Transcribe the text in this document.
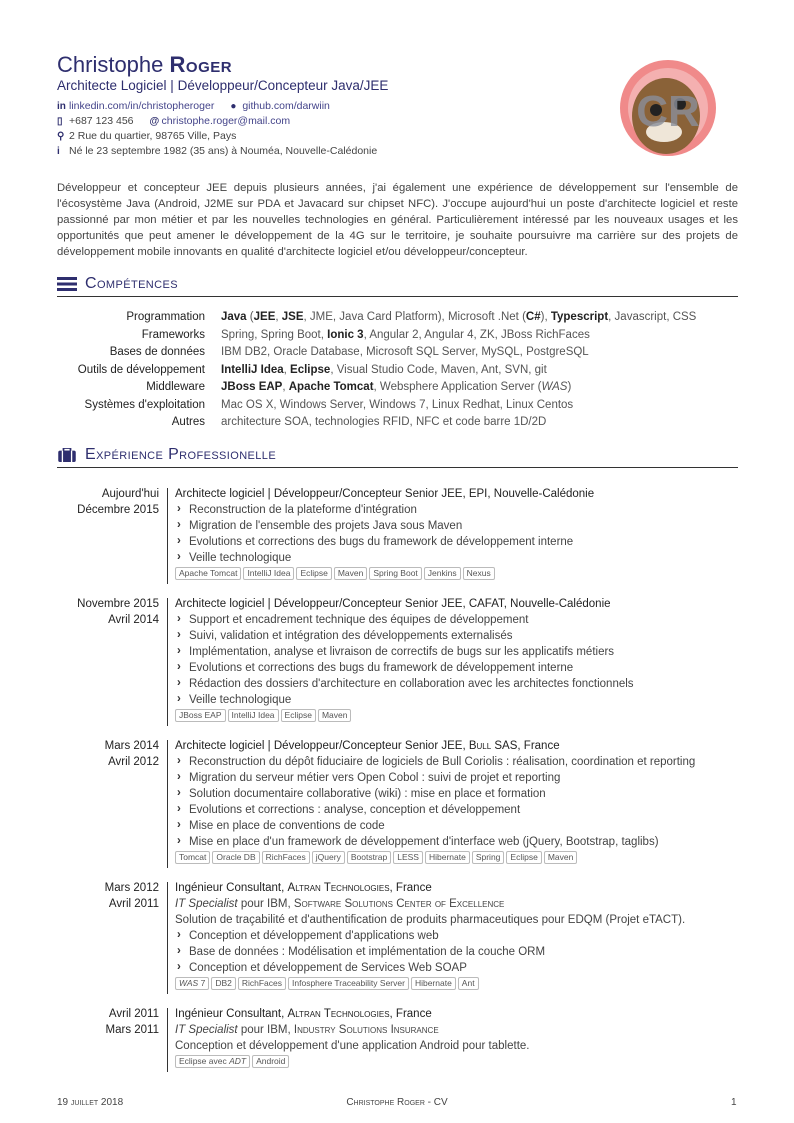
Christophe Roger
Architecte Logiciel | Développeur/Concepteur Java/JEE
in linkedin.com/in/christopheroger ● github.com/darwiin
▯ +687 123 456 @ christophe.roger@mail.com
⚲ 2 Rue du quartier, 98765 Ville, Pays
i Né le 23 septembre 1982 (35 ans) à Nouméa, Nouvelle-Calédonie
CR
Développeur et concepteur JEE depuis plusieurs années, j'ai également une expérience de développement sur l'ensemble de l'écosystème Java (Android, J2ME sur PDA et Javacard sur chipset NFC). J'occupe aujourd'hui un poste d'architecte logiciel et reste passionné par mon métier et par les nouvelles technologies en général. Particulièrement intéressé par les nouveaux usages et les opportunités que peut amener le développement de la 4G sur le territoire, je souhaite poursuivre ma carrière sur des projets de développement mobile innovants en qualité d'architecte logiciel et/ou développeur/concepteur.
Compétences
Programmation Java (JEE, JSE, JME, Java Card Platform), Microsoft .Net (C#), Typescript, Javascript, CSS
Frameworks Spring, Spring Boot, Ionic 3, Angular 2, Angular 4, ZK, JBoss RichFaces
Bases de données IBM DB2, Oracle Database, Microsoft SQL Server, MySQL, PostgreSQL
Outils de développement IntelliJ Idea, Eclipse, Visual Studio Code, Maven, Ant, SVN, git
Middleware JBoss EAP, Apache Tomcat, Websphere Application Server (WAS)
Systèmes d'exploitation Mac OS X, Windows Server, Windows 7, Linux Redhat, Linux Centos
Autres architecture SOA, technologies RFID, NFC et code barre 1D/2D
Expérience Professionelle
Aujourd'hui
Décembre 2015
Architecte logiciel | Développeur/Concepteur Senior JEE, EPI, Nouvelle-Calédonie
› Reconstruction de la plateforme d'intégration
› Migration de l'ensemble des projets Java sous Maven
› Evolutions et corrections des bugs du framework de développement interne
› Veille technologique
Apache Tomcat	IntelliJ Idea	Eclipse	Maven	Spring Boot	Jenkins	Nexus
Novembre 2015
Avril 2014
Architecte logiciel | Développeur/Concepteur Senior JEE, CAFAT, Nouvelle-Calédonie
› Support et encadrement technique des équipes de développement
› Suivi, validation et intégration des développements externalisés
› Implémentation, analyse et livraison de correctifs de bugs sur les applicatifs métiers
› Evolutions et corrections des bugs du framework de développement interne
› Rédaction des dossiers d'architecture en collaboration avec les architectes fonctionnels
› Veille technologique
JBoss EAP	IntelliJ Idea	Eclipse	Maven
Mars 2014
Avril 2012
Architecte logiciel | Développeur/Concepteur Senior JEE, Bull SAS, France
› Reconstruction du dépôt fiduciaire de logiciels de Bull Coriolis : réalisation, coordination et reporting
› Migration du serveur métier vers Open Cobol : suivi de projet et reporting
› Solution documentaire collaborative (wiki) : mise en place et formation
› Evolutions et corrections : analyse, conception et développement
› Mise en place de conventions de code
› Mise en place d'un framework de développement d'interface web (jQuery, Bootstrap, taglibs)
Tomcat	Oracle DB	RichFaces	jQuery	Bootstrap	LESS	Hibernate	Spring	Eclipse	Maven
Mars 2012
Avril 2011
Ingénieur Consultant, Altran Technologies, France
IT Specialist pour IBM, Software Solutions Center of Excellence
Solution de traçabilité et d'authentification de produits pharmaceutiques pour EDQM (Projet eTACT).
› Conception et développement d'applications web
› Base de données : Modélisation et implémentation de la couche ORM
› Conception et développement de Services Web SOAP
WAS 7	DB2	RichFaces	Infosphere Traceability Server	Hibernate	Ant
Avril 2011
Mars 2011
Ingénieur Consultant, Altran Technologies, France
IT Specialist pour IBM, Industry Solutions Insurance
Conception et développement d'une application Android pour tablette.
Eclipse avec ADT	Android
19 juillet 2018	Christophe Roger - CV	1
